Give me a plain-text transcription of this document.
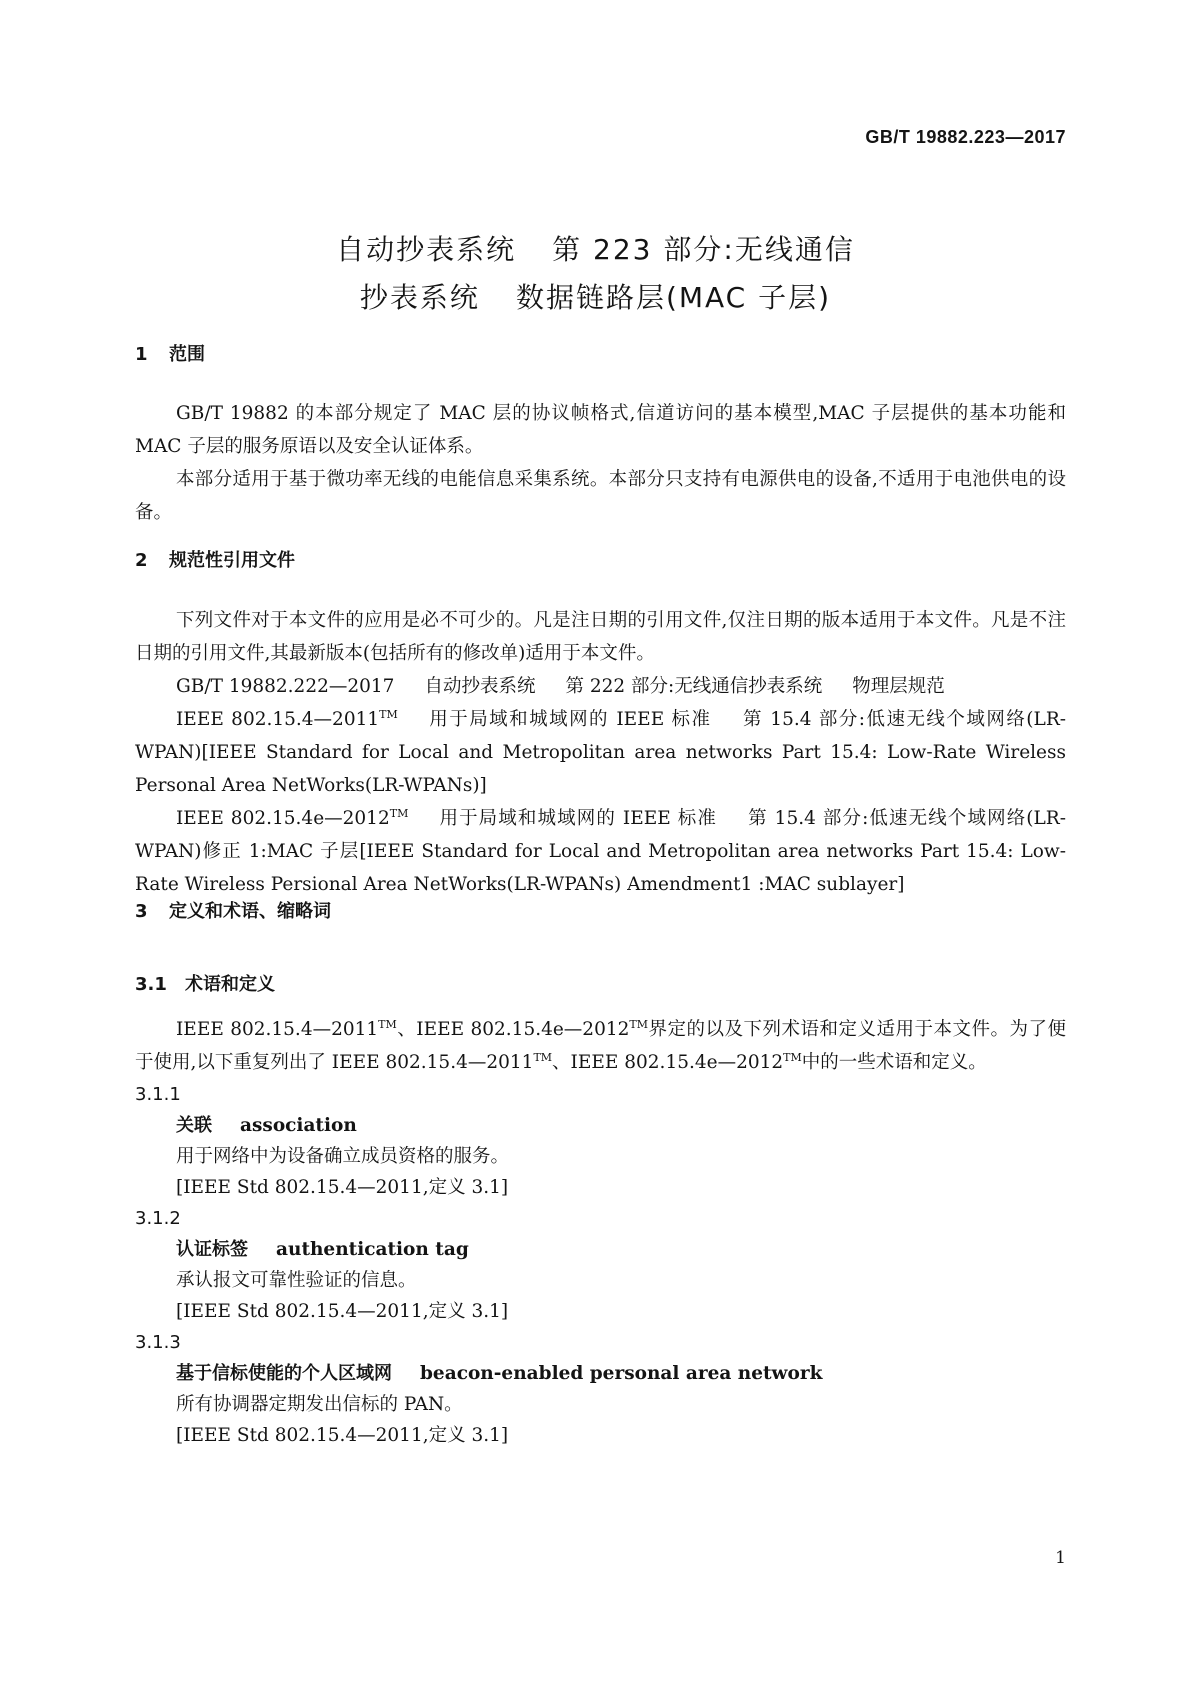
GB/T 19882.223—2017
自动抄表系统 第 223 部分:无线通信
抄表系统 数据链路层(MAC 子层)
1 范围

GB/T 19882 的本部分规定了 MAC 层的协议帧格式,信道访问的基本模型,MAC 子层提供的基本功能和 MAC 子层的服务原语以及安全认证体系。

本部分适用于基于微功率无线的电能信息采集系统。本部分只支持有电源供电的设备,不适用于电池供电的设备。

2 规范性引用文件

下列文件对于本文件的应用是必不可少的。凡是注日期的引用文件,仅注日期的版本适用于本文件。凡是不注日期的引用文件,其最新版本(包括所有的修改单)适用于本文件。

GB/T 19882.222—2017 自动抄表系统 第 222 部分:无线通信抄表系统 物理层规范

IEEE 802.15.4—2011™ 用于局域和城域网的 IEEE 标准 第 15.4 部分:低速无线个域网络(LR-WPAN)[IEEE Standard for Local and Metropolitan area networks Part 15.4: Low-Rate Wireless Personal Area NetWorks(LR-WPANs)]

IEEE 802.15.4e—2012™ 用于局域和城域网的 IEEE 标准 第 15.4 部分:低速无线个域网络(LR-WPAN)修正 1:MAC 子层[IEEE Standard for Local and Metropolitan area networks Part 15.4: Low-Rate Wireless Persional Area NetWorks(LR-WPANs) Amendment1 :MAC sublayer]

3 定义和术语、缩略词
3.1 术语和定义

IEEE 802.15.4—2011™、IEEE 802.15.4e—2012™界定的以及下列术语和定义适用于本文件。为了便于使用,以下重复列出了 IEEE 802.15.4—2011™、IEEE 802.15.4e—2012™中的一些术语和定义。

3.1.1
关联 association
用于网络中为设备确立成员资格的服务。
[IEEE Std 802.15.4—2011,定义 3.1]
3.1.2
认证标签 authentication tag
承认报文可靠性验证的信息。
[IEEE Std 802.15.4—2011,定义 3.1]
3.1.3
基于信标使能的个人区域网 beacon-enabled personal area network
所有协调器定期发出信标的 PAN。
[IEEE Std 802.15.4—2011,定义 3.1]
1
